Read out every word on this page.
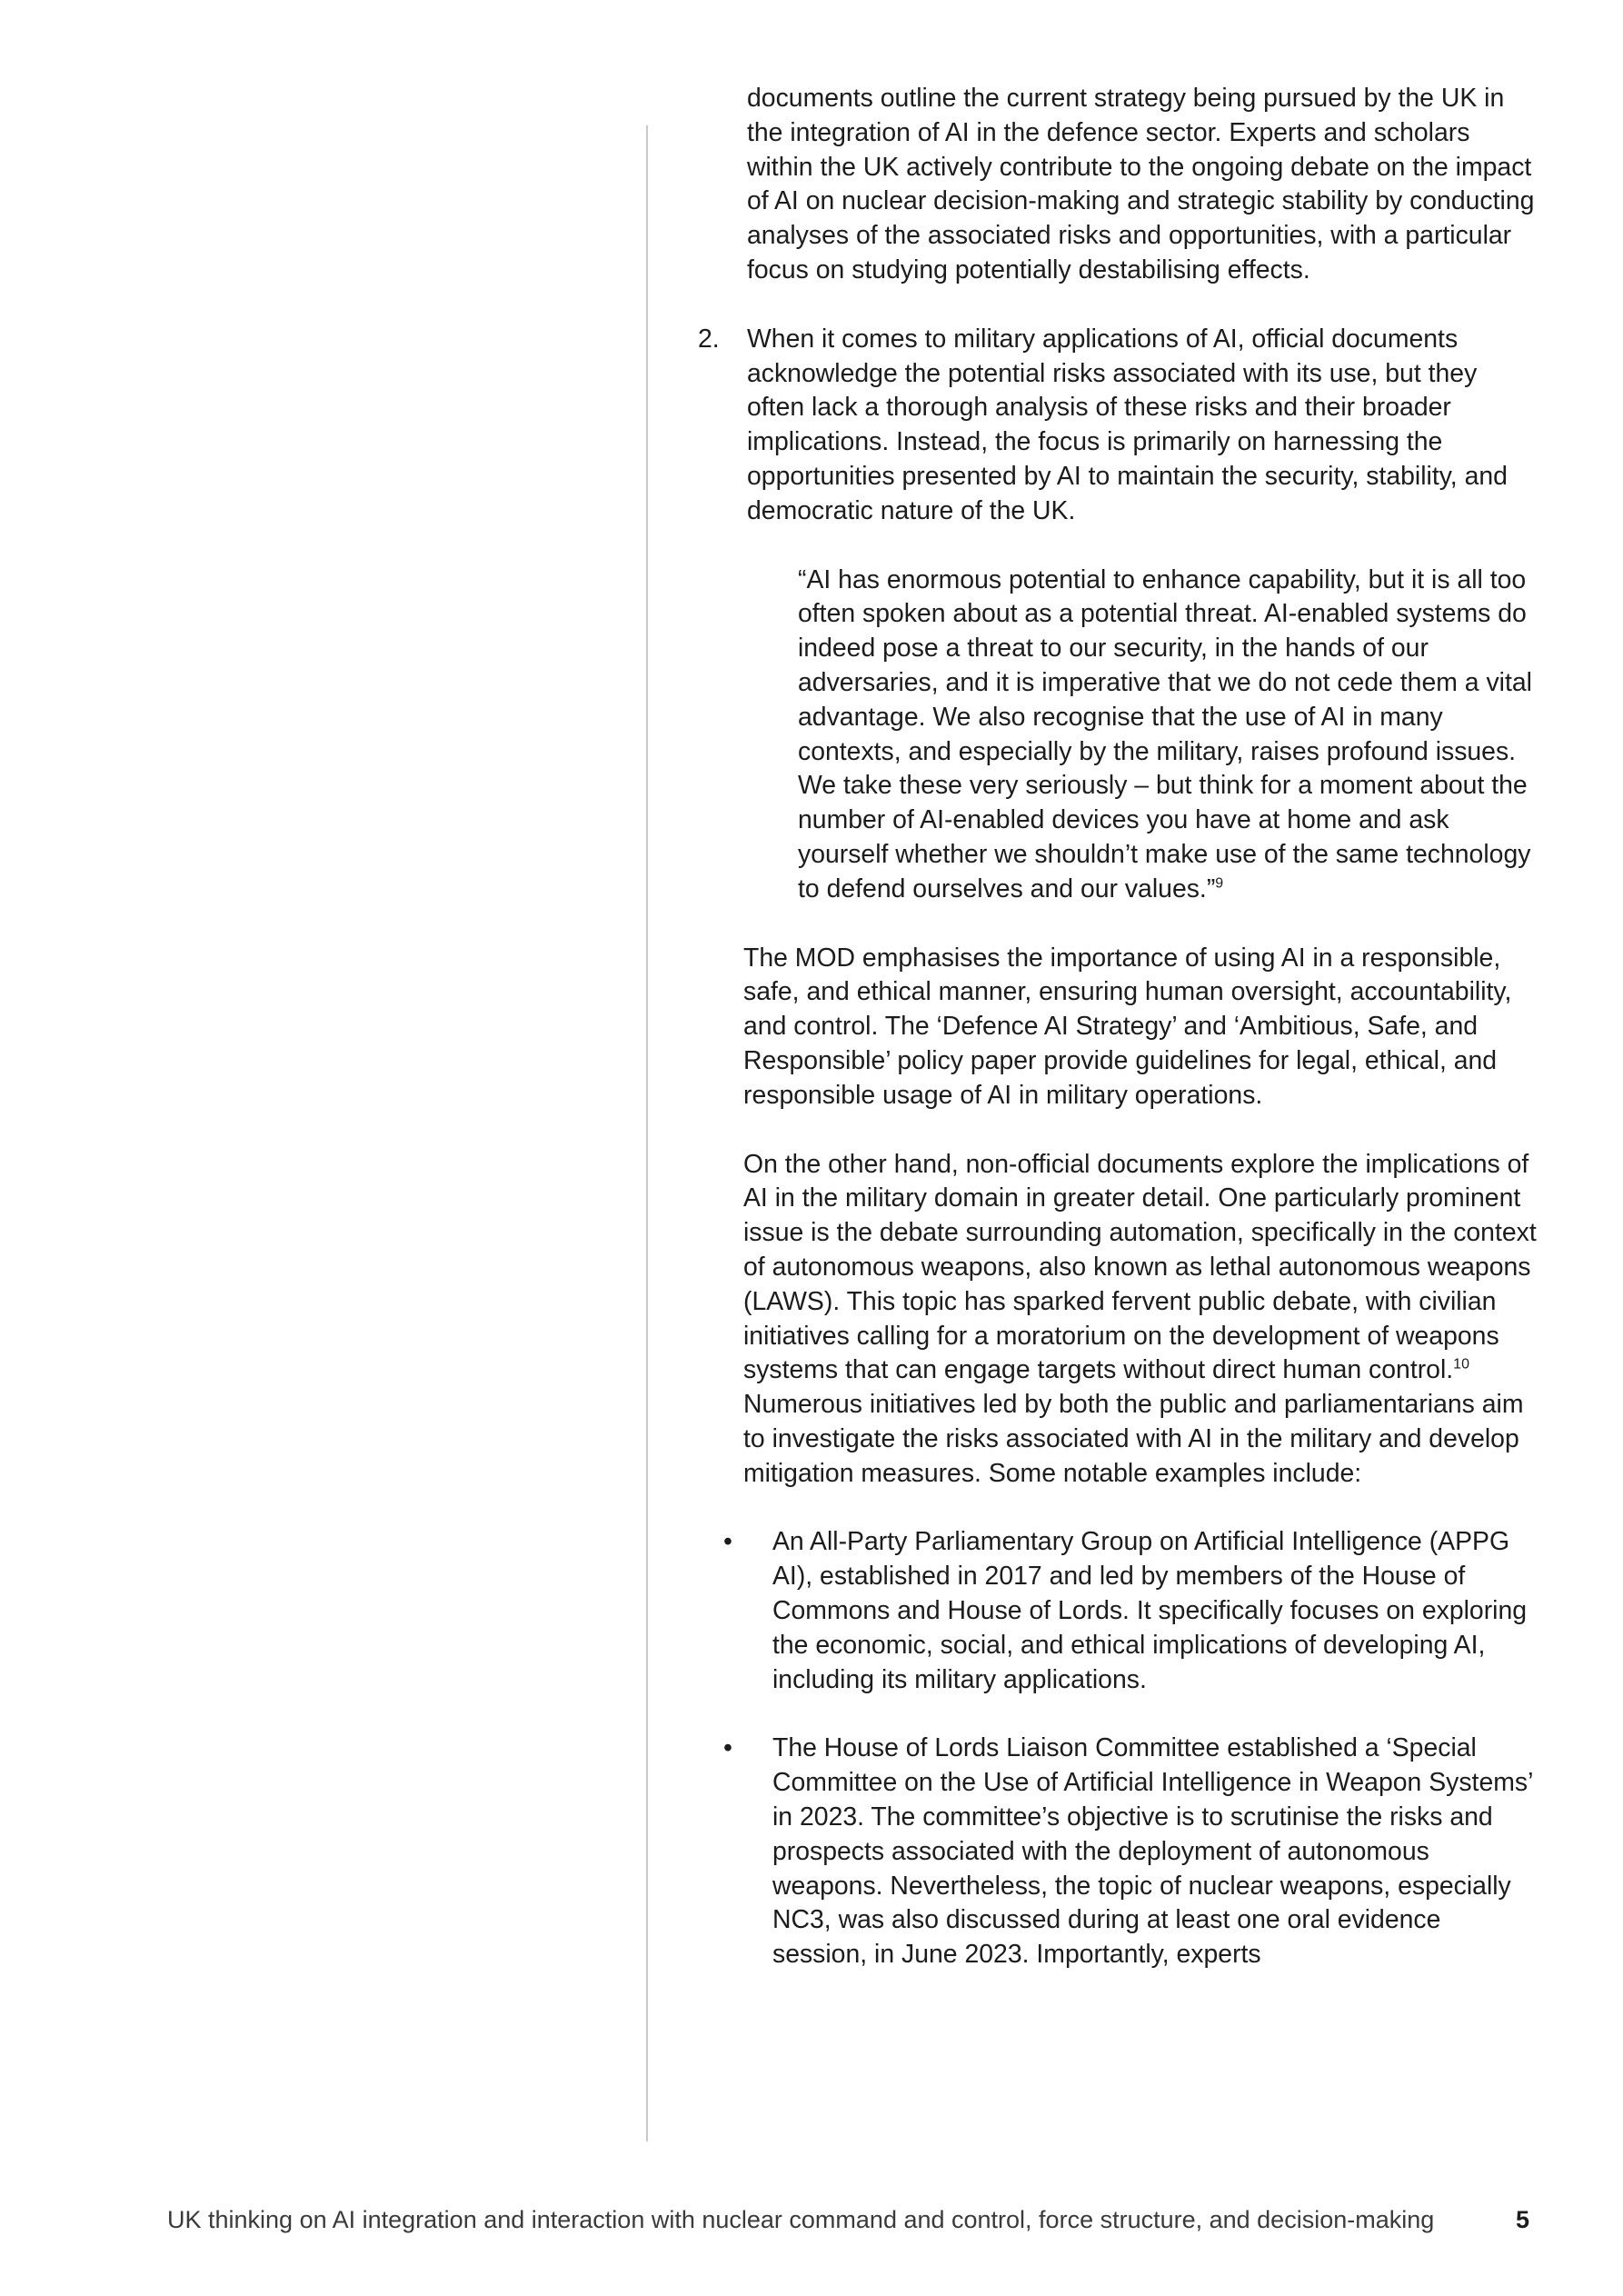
documents outline the current strategy being pursued by the UK in the integration of AI in the defence sector. Experts and scholars within the UK actively contribute to the ongoing debate on the impact of AI on nuclear decision-making and strategic stability by conducting analyses of the associated risks and opportunities, with a particular focus on studying potentially destabilising effects.

2. When it comes to military applications of AI, official documents acknowledge the potential risks associated with its use, but they often lack a thorough analysis of these risks and their broader implications. Instead, the focus is primarily on harnessing the opportunities presented by AI to maintain the security, stability, and democratic nature of the UK.

“AI has enormous potential to enhance capability, but it is all too often spoken about as a potential threat. AI-enabled systems do indeed pose a threat to our security, in the hands of our adversaries, and it is imperative that we do not cede them a vital advantage. We also recognise that the use of AI in many contexts, and especially by the military, raises profound issues. We take these very seriously – but think for a moment about the number of AI-enabled devices you have at home and ask yourself whether we shouldn’t make use of the same technology to defend ourselves and our values.”$^9$

The MOD emphasises the importance of using AI in a responsible, safe, and ethical manner, ensuring human oversight, accountability, and control. The ‘Defence AI Strategy’ and ‘Ambitious, Safe, and Responsible’ policy paper provide guidelines for legal, ethical, and responsible usage of AI in military operations.

On the other hand, non-official documents explore the implications of AI in the military domain in greater detail. One particularly prominent issue is the debate surrounding automation, specifically in the context of autonomous weapons, also known as lethal autonomous weapons (LAWS). This topic has sparked fervent public debate, with civilian initiatives calling for a moratorium on the development of weapons systems that can engage targets without direct human control.$^{10}$ Numerous initiatives led by both the public and parliamentarians aim to investigate the risks associated with AI in the military and develop mitigation measures. Some notable examples include:

• An All-Party Parliamentary Group on Artificial Intelligence (APPG AI), established in 2017 and led by members of the House of Commons and House of Lords. It specifically focuses on exploring the economic, social, and ethical implications of developing AI, including its military applications.
• The House of Lords Liaison Committee established a ‘Special Committee on the Use of Artificial Intelligence in Weapon Systems’ in 2023. The committee’s objective is to scrutinise the risks and prospects associated with the deployment of autonomous weapons. Nevertheless, the topic of nuclear weapons, especially NC3, was also discussed during at least one oral evidence session, in June 2023. Importantly, experts
UK thinking on AI integration and interaction with nuclear command and control, force structure, and decision-making	5
